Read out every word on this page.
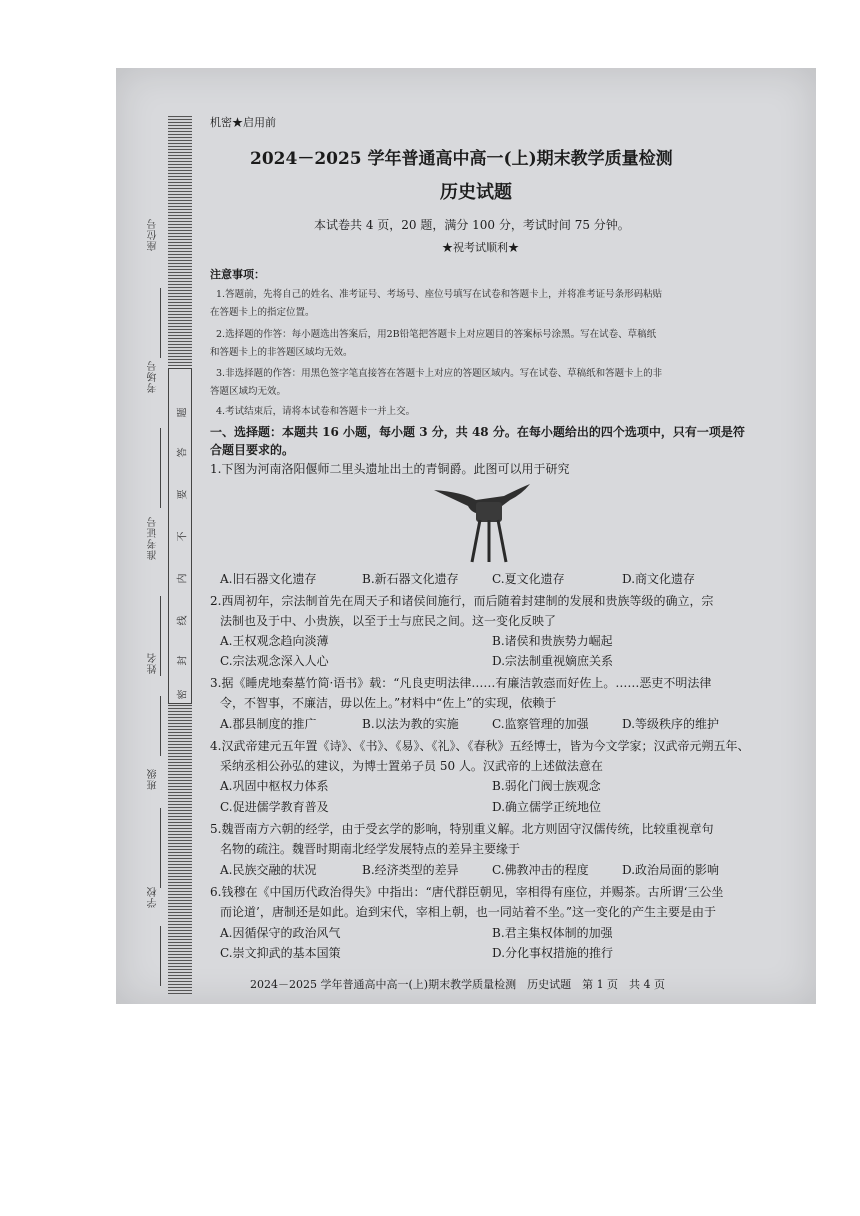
题
答
要
不
内
线
封
密
座位号
考场号
准考证号
姓名
班级
学校
机密★启用前
2024－2025 学年普通高中高一(上)期末教学质量检测
历史试题
本试卷共 4 页，20 题，满分 100 分，考试时间 75 分钟。
★祝考试顺利★
注意事项：
1.答题前，先将自己的姓名、准考证号、考场号、座位号填写在试卷和答题卡上，并将准考证号条形码粘贴
在答题卡上的指定位置。
2.选择题的作答：每小题选出答案后，用2B铅笔把答题卡上对应题目的答案标号涂黑。写在试卷、草稿纸
和答题卡上的非答题区域均无效。
3.非选择题的作答：用黑色签字笔直接答在答题卡上对应的答题区域内。写在试卷、草稿纸和答题卡上的非
答题区域均无效。
4.考试结束后，请将本试卷和答题卡一并上交。
一、选择题：本题共 16 小题，每小题 3 分，共 48 分。在每小题给出的四个选项中，只有一项是符
合题目要求的。
1.下图为河南洛阳偃师二里头遗址出土的青铜爵。此图可以用于研究
A.旧石器文化遗存	B.新石器文化遗存	C.夏文化遗存	D.商文化遗存
2.西周初年，宗法制首先在周天子和诸侯间施行，而后随着封建制的发展和贵族等级的确立，宗
法制也及于中、小贵族，以至于士与庶民之间。这一变化反映了
A.王权观念趋向淡薄	B.诸侯和贵族势力崛起
C.宗法观念深入人心	D.宗法制重视嫡庶关系
3.据《睡虎地秦墓竹简·语书》载：“凡良吏明法律……有廉洁敦悫而好佐上。……恶吏不明法律
令，不智事，不廉洁，毋以佐上。”材料中“佐上”的实现，依赖于
A.郡县制度的推广	B.以法为教的实施	C.监察管理的加强	D.等级秩序的维护
4.汉武帝建元五年置《诗》、《书》、《易》、《礼》、《春秋》五经博士，皆为今文学家；汉武帝元朔五年、
采纳丞相公孙弘的建议，为博士置弟子员 50 人。汉武帝的上述做法意在
A.巩固中枢权力体系	B.弱化门阀士族观念
C.促进儒学教育普及	D.确立儒学正统地位
5.魏晋南方六朝的经学，由于受玄学的影响，特别重义解。北方则固守汉儒传统，比较重视章句
名物的疏注。魏晋时期南北经学发展特点的差异主要缘于
A.民族交融的状况	B.经济类型的差异	C.佛教冲击的程度	D.政治局面的影响
6.钱穆在《中国历代政治得失》中指出：“唐代群臣朝见，宰相得有座位，并赐茶。古所谓‘三公坐
而论道’，唐制还是如此。迨到宋代，宰相上朝，也一同站着不坐。”这一变化的产生主要是由于
A.因循保守的政治风气	B.君主集权体制的加强
C.崇文抑武的基本国策	D.分化事权措施的推行
2024－2025 学年普通高中高一(上)期末教学质量检测　历史试题　第 1 页　共 4 页
